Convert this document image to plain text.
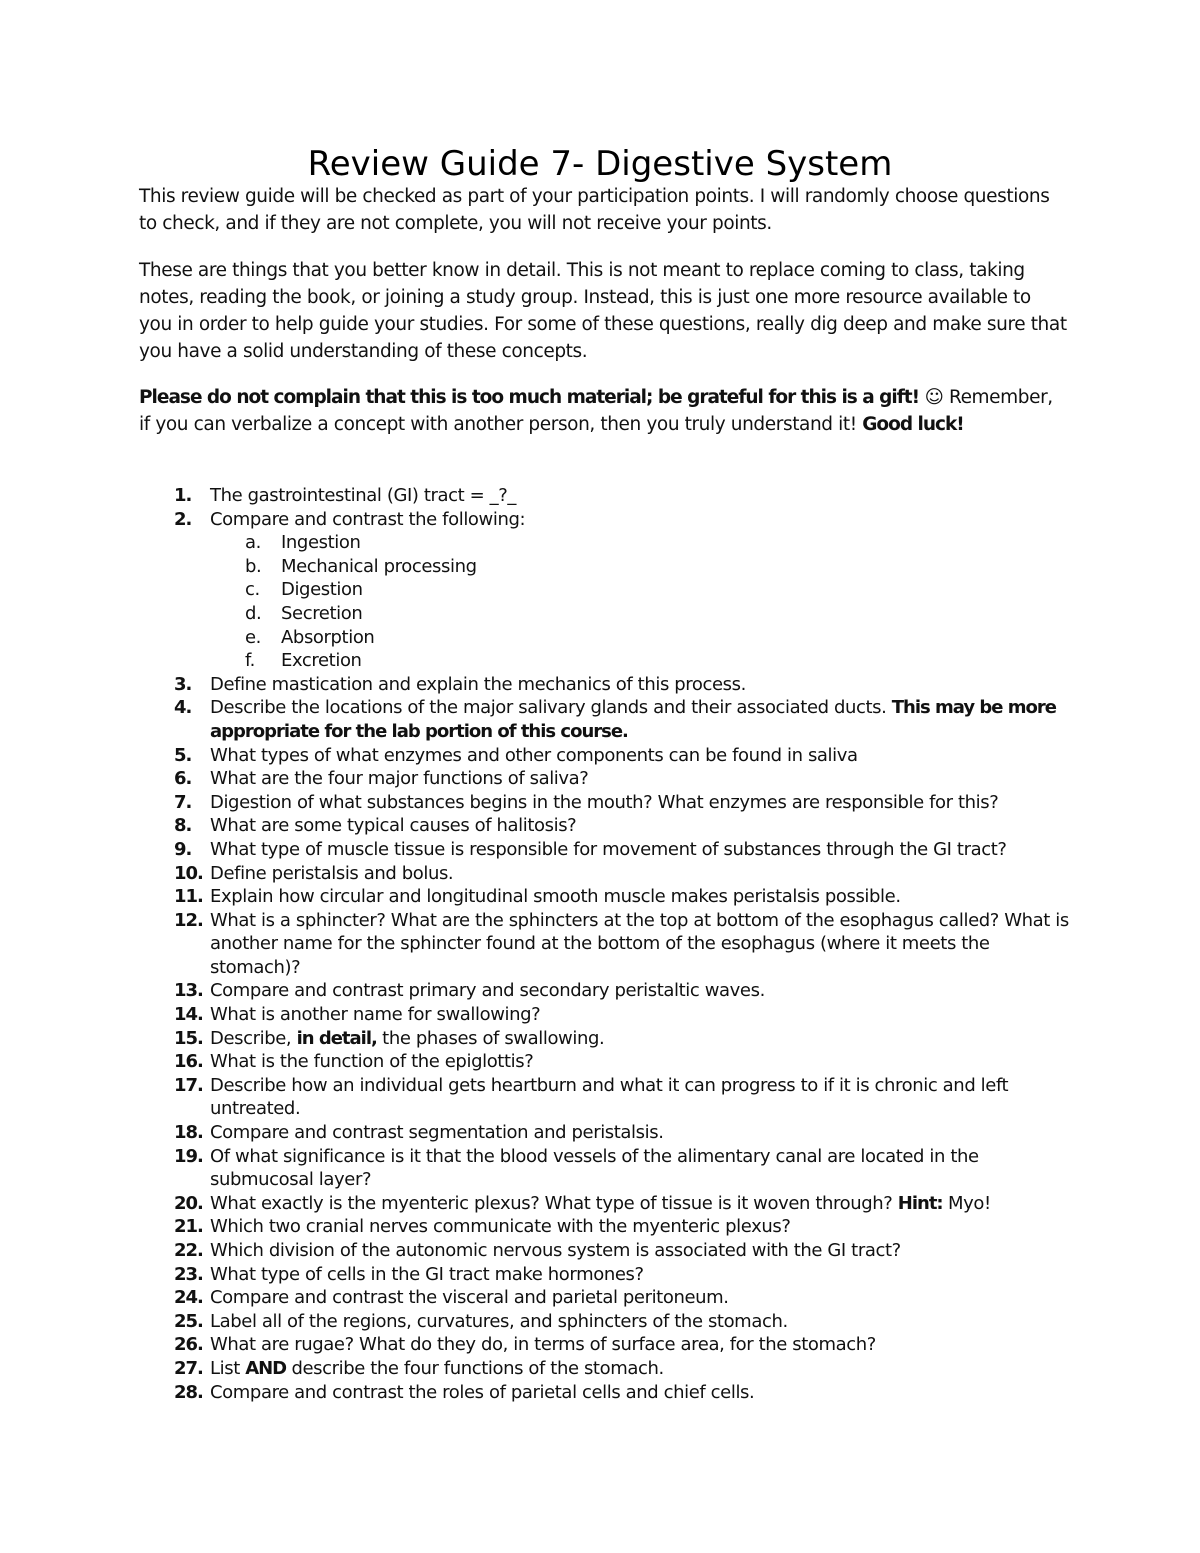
Review Guide 7- Digestive System
This review guide will be checked as part of your participation points. I will randomly choose questions to check, and if they are not complete, you will not receive your points.
These are things that you better know in detail. This is not meant to replace coming to class, taking notes, reading the book, or joining a study group. Instead, this is just one more resource available to you in order to help guide your studies. For some of these questions, really dig deep and make sure that you have a solid understanding of these concepts.
Please do not complain that this is too much material; be grateful for this is a gift! ☺ Remember, if you can verbalize a concept with another person, then you truly understand it! Good luck!
1. The gastrointestinal (GI) tract = _?_
2. Compare and contrast the following:
a. Ingestion
b. Mechanical processing
c. Digestion
d. Secretion
e. Absorption
f. Excretion
3. Define mastication and explain the mechanics of this process.
4. Describe the locations of the major salivary glands and their associated ducts. This may be more appropriate for the lab portion of this course.
5. What types of what enzymes and other components can be found in saliva
6. What are the four major functions of saliva?
7. Digestion of what substances begins in the mouth? What enzymes are responsible for this?
8. What are some typical causes of halitosis?
9. What type of muscle tissue is responsible for movement of substances through the GI tract?
10. Define peristalsis and bolus.
11. Explain how circular and longitudinal smooth muscle makes peristalsis possible.
12. What is a sphincter? What are the sphincters at the top at bottom of the esophagus called? What is another name for the sphincter found at the bottom of the esophagus (where it meets the stomach)?
13. Compare and contrast primary and secondary peristaltic waves.
14. What is another name for swallowing?
15. Describe, in detail, the phases of swallowing.
16. What is the function of the epiglottis?
17. Describe how an individual gets heartburn and what it can progress to if it is chronic and left untreated.
18. Compare and contrast segmentation and peristalsis.
19. Of what significance is it that the blood vessels of the alimentary canal are located in the submucosal layer?
20. What exactly is the myenteric plexus? What type of tissue is it woven through? Hint: Myo!
21. Which two cranial nerves communicate with the myenteric plexus?
22. Which division of the autonomic nervous system is associated with the GI tract?
23. What type of cells in the GI tract make hormones?
24. Compare and contrast the visceral and parietal peritoneum.
25. Label all of the regions, curvatures, and sphincters of the stomach.
26. What are rugae? What do they do, in terms of surface area, for the stomach?
27. List AND describe the four functions of the stomach.
28. Compare and contrast the roles of parietal cells and chief cells.
